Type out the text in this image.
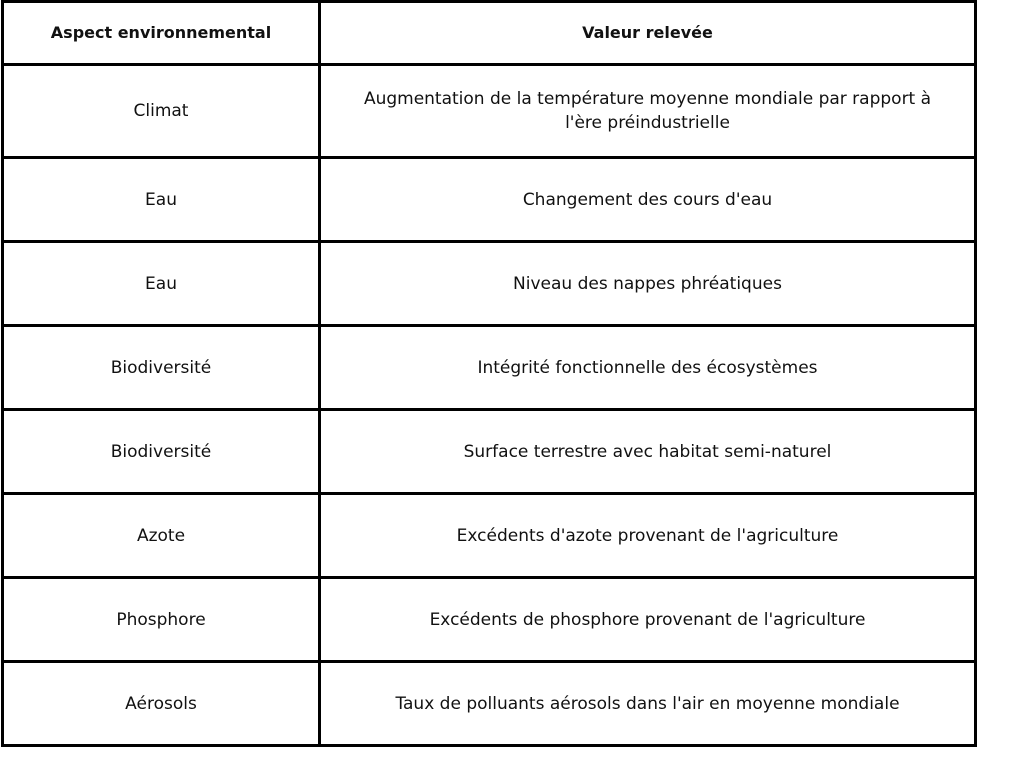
Aspect environnemental	Valeur relevée
Climat	Augmentation de la température moyenne mondiale par rapport à l'ère préindustrielle
Eau	Changement des cours d'eau
Eau	Niveau des nappes phréatiques
Biodiversité	Intégrité fonctionnelle des écosystèmes
Biodiversité	Surface terrestre avec habitat semi-naturel
Azote	Excédents d'azote provenant de l'agriculture
Phosphore	Excédents de phosphore provenant de l'agriculture
Aérosols	Taux de polluants aérosols dans l'air en moyenne mondiale
